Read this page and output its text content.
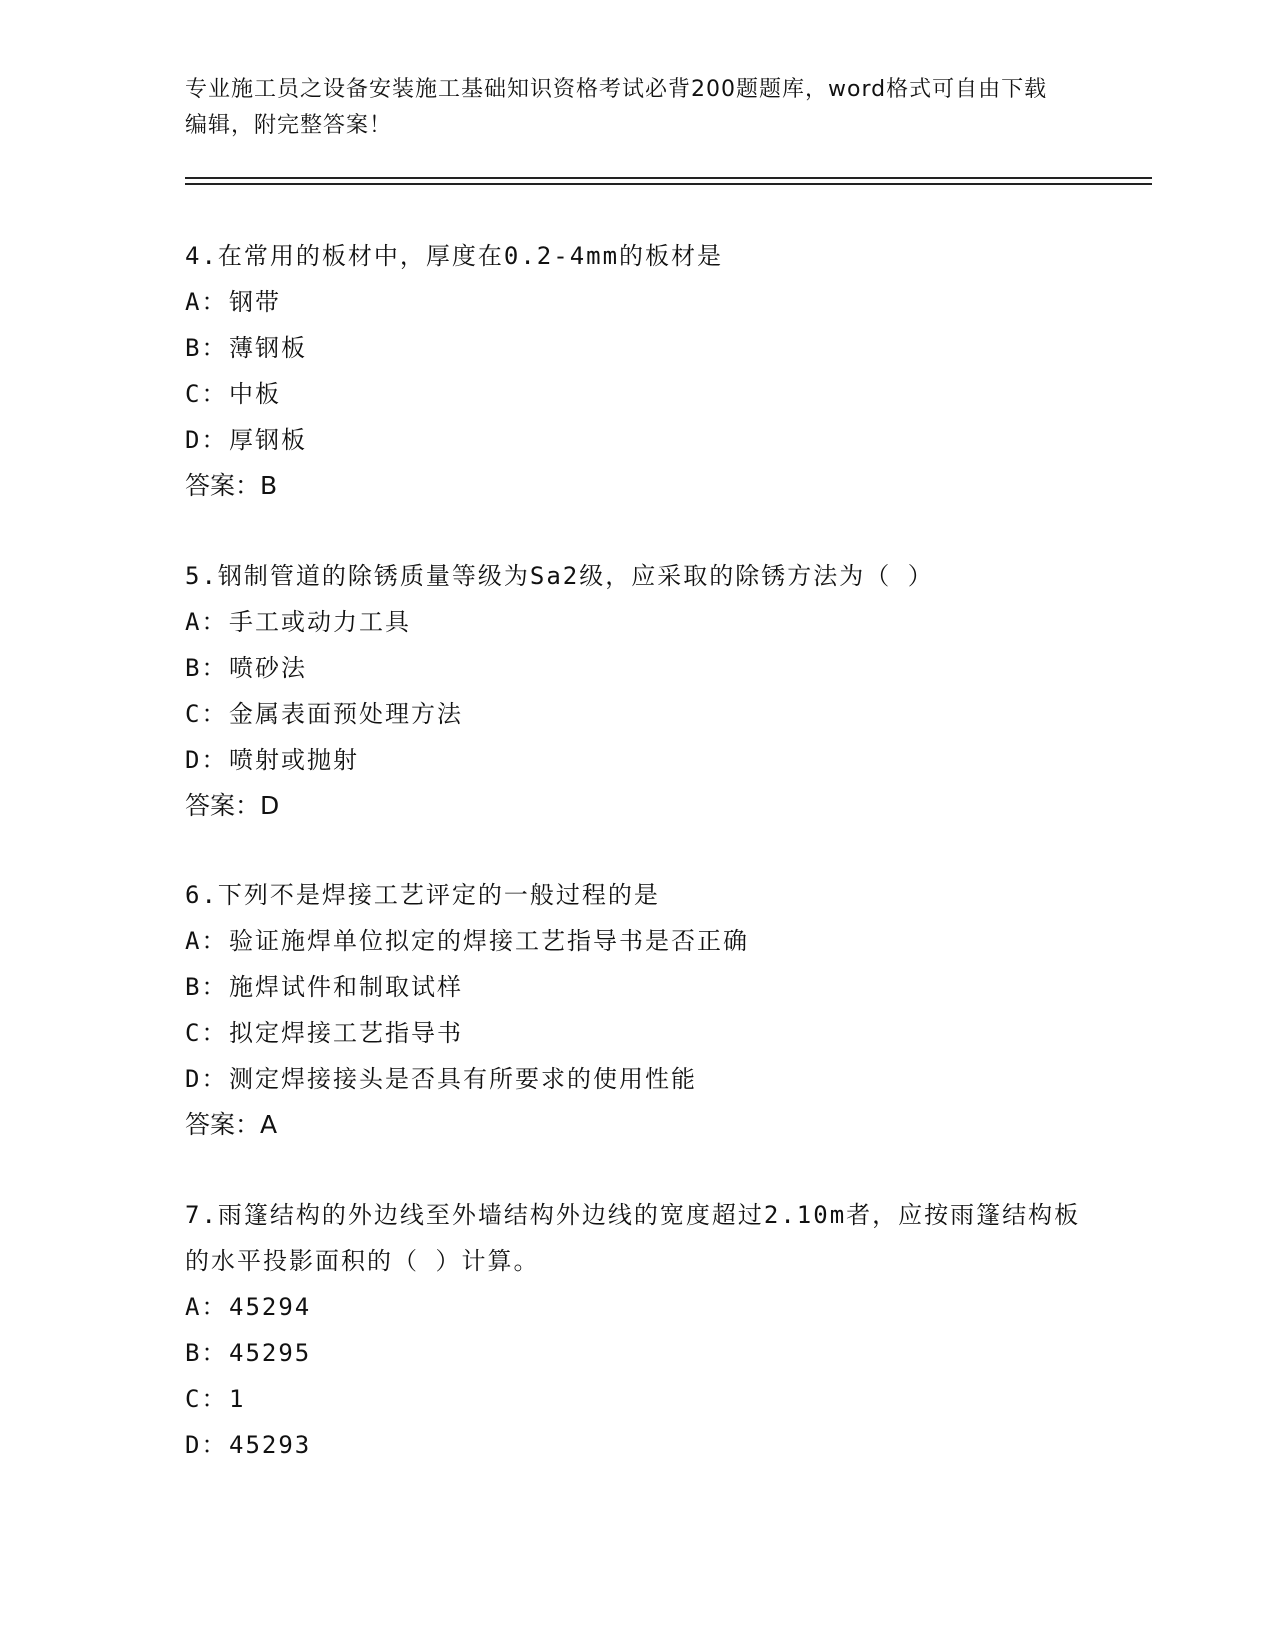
专业施工员之设备安装施工基础知识资格考试必背200题题库，word格式可自由下载编辑，附完整答案！

4.在常用的板材中，厚度在0.2-4mm的板材是

A：钢带

B：薄钢板

C：中板

D：厚钢板

答案：B

5.钢制管道的除锈质量等级为Sa2级，应采取的除锈方法为（ ）

A：手工或动力工具

B：喷砂法

C：金属表面预处理方法

D：喷射或抛射

答案：D

6.下列不是焊接工艺评定的一般过程的是

A：验证施焊单位拟定的焊接工艺指导书是否正确

B：施焊试件和制取试样

C：拟定焊接工艺指导书

D：测定焊接接头是否具有所要求的使用性能

答案：A

7.雨篷结构的外边线至外墙结构外边线的宽度超过2.10m者，应按雨篷结构板的水平投影面积的（ ）计算。

A：45294

B：45295

C：1

D：45293
